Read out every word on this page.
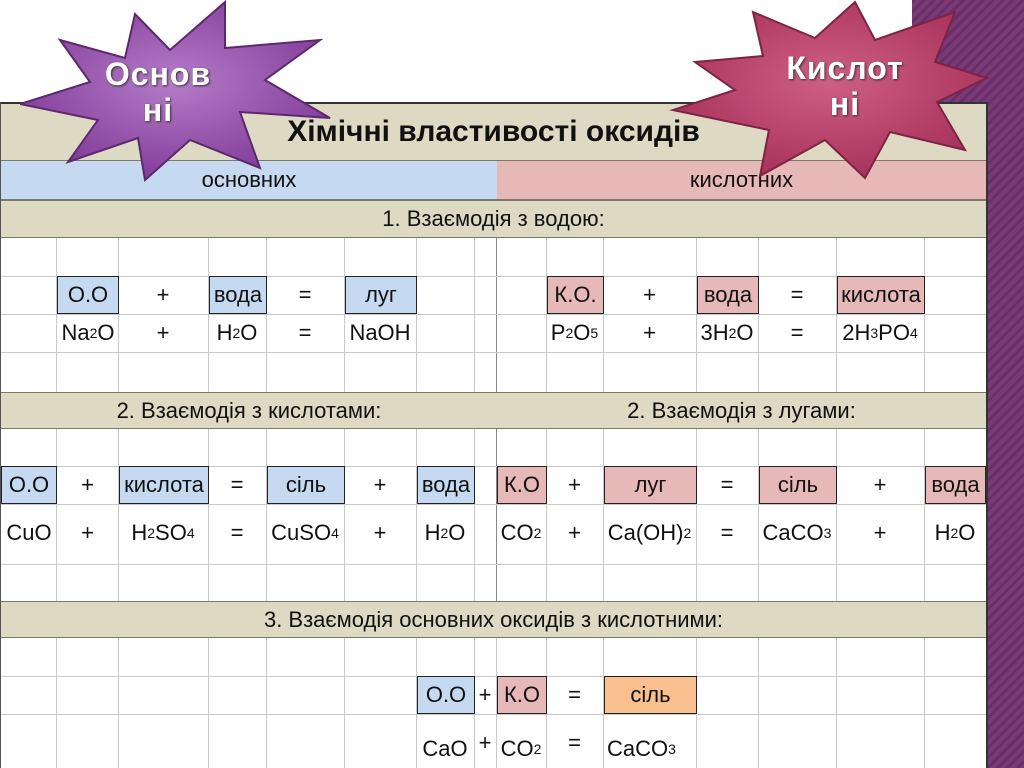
Хімічні властивості оксидів
основних	кислотних
1. Взаємодія з водою:
О.О	+	вода	=	луг
Na 2 O	+	H 2 O	=	NaOH
К.О.	+	вода	=	кислота
P 2 O 5	+	3H 2 O	=	2H 3 PO 4
2. Взаємодія з кислотами:	2. Взаємодія з лугами:
О.О	+	кислота	=	сіль	+	вода
CuO	+	H 2 SO 4	=	CuSO 4	+	H 2 O
К.О	+	луг	=	сіль	+	вода
CO 2	+	Ca(OH) 2	=	CaCO 3	+	H 2 O
3. Взаємодія основних оксидів з кислотними:
О.О + К.О	=	сіль
CaO + CO 2	=	CaCO 3
Основ
ні
Кислот
ні
